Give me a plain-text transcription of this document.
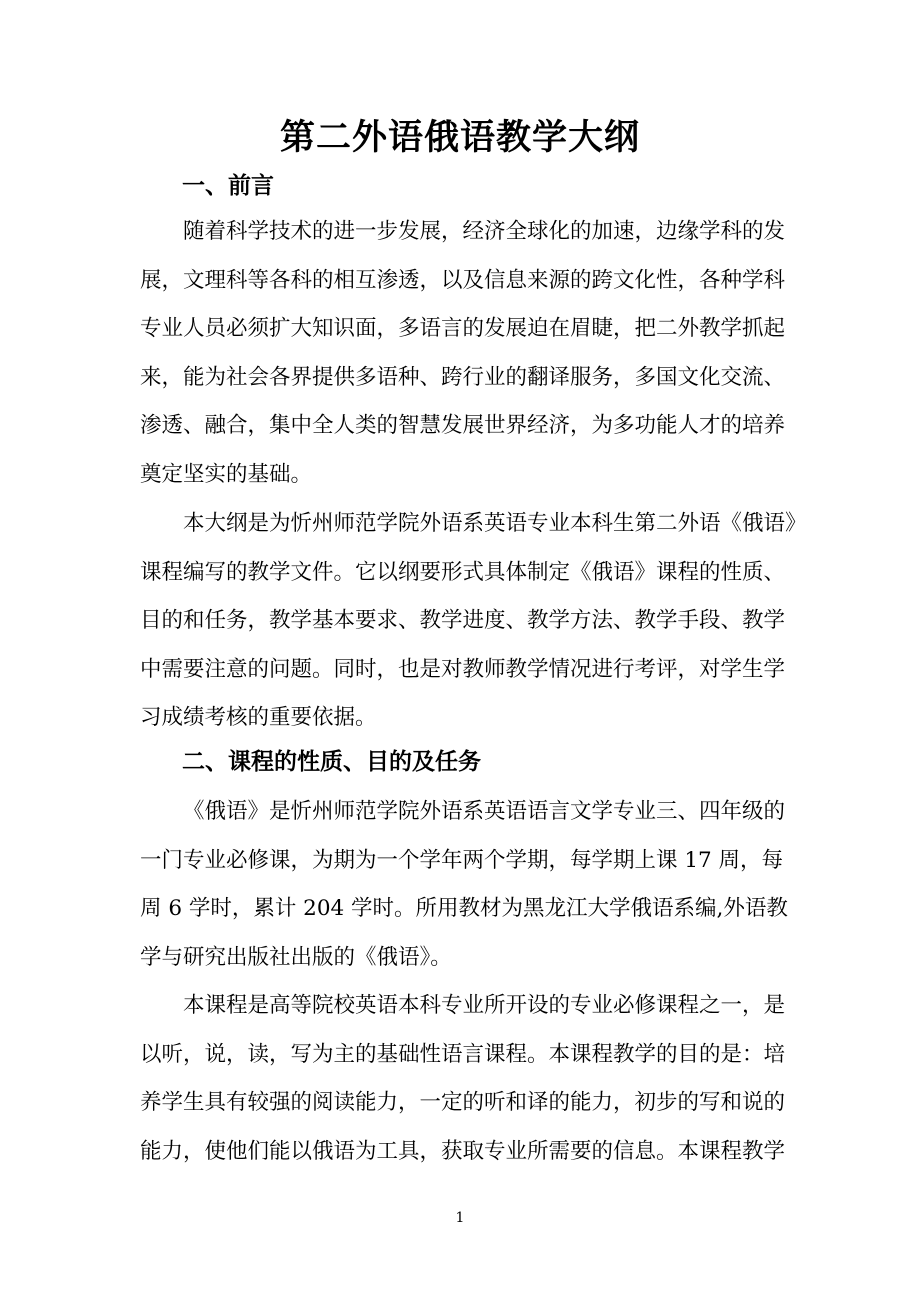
第二外语俄语教学大纲
一、前言
随着科学技术的进一步发展，经济全球化的加速，边缘学科的发
展，文理科等各科的相互渗透，以及信息来源的跨文化性，各种学科
专业人员必须扩大知识面，多语言的发展迫在眉睫，把二外教学抓起
来，能为社会各界提供多语种、跨行业的翻译服务，多国文化交流、
渗透、融合，集中全人类的智慧发展世界经济，为多功能人才的培养
奠定坚实的基础。
本大纲是为忻州师范学院外语系英语专业本科生第二外语《俄语》
课程编写的教学文件。它以纲要形式具体制定《俄语》课程的性质、
目的和任务，教学基本要求、教学进度、教学方法、教学手段、教学
中需要注意的问题。同时，也是对教师教学情况进行考评，对学生学
习成绩考核的重要依据。
二、课程的性质、目的及任务
《俄语》是忻州师范学院外语系英语语言文学专业三、四年级的
一门专业必修课，为期为一个学年两个学期，每学期上课 17 周，每
周 6 学时，累计 204 学时。所用教材为黑龙江大学俄语系编,外语教
学与研究出版社出版的《俄语》。
本课程是高等院校英语本科专业所开设的专业必修课程之一，是
以听，说，读，写为主的基础性语言课程。本课程教学的目的是：培
养学生具有较强的阅读能力，一定的听和译的能力，初步的写和说的
能力，使他们能以俄语为工具，获取专业所需要的信息。本课程教学
1
